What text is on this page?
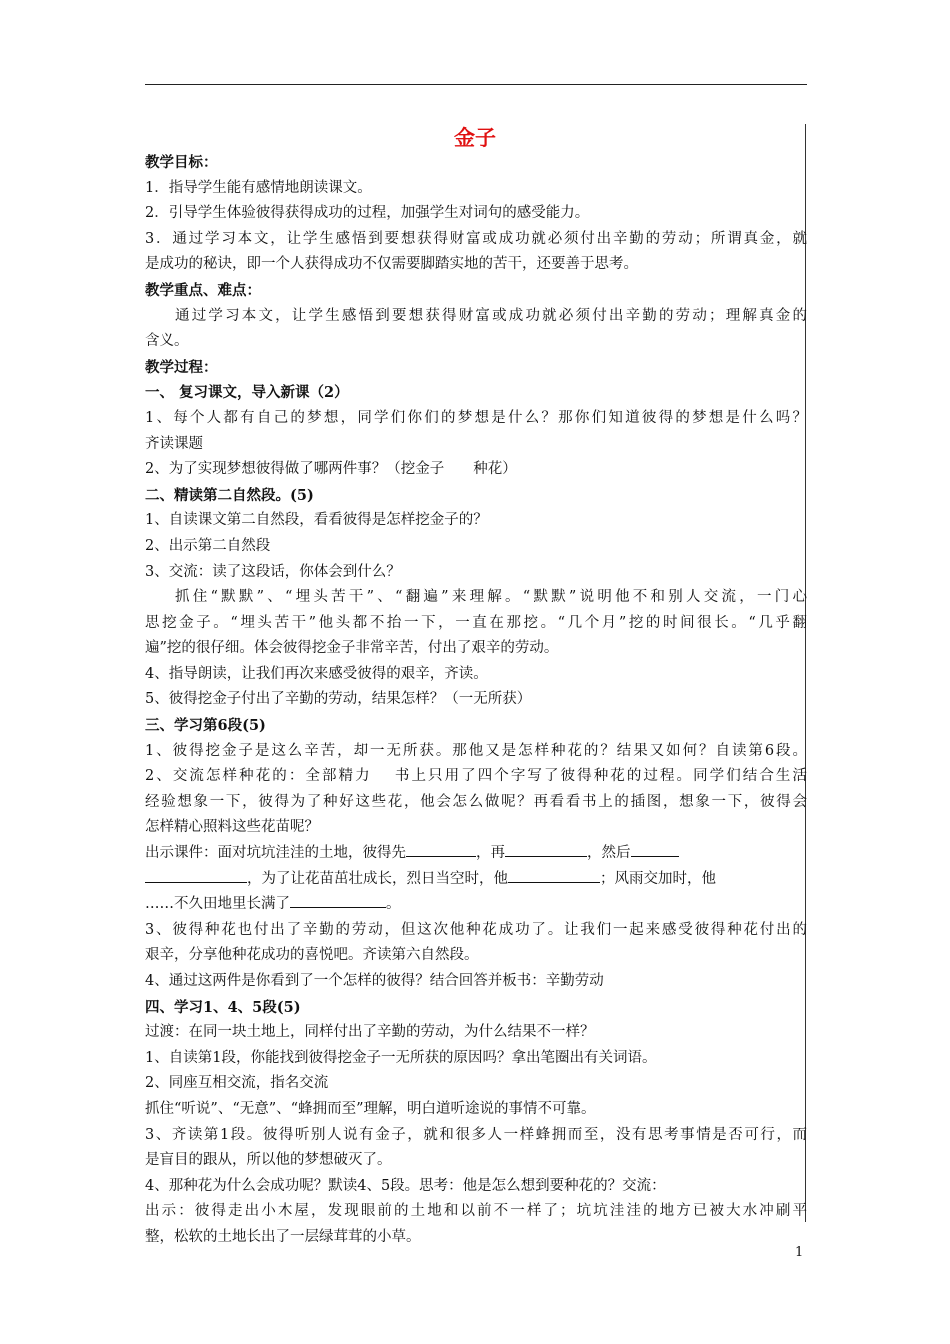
金子
教学目标：
1．指导学生能有感情地朗读课文。
2．引导学生体验彼得获得成功的过程，加强学生对词句的感受能力。
3．通过学习本文，让学生感悟到要想获得财富或成功就必须付出辛勤的劳动；所谓真金，就
是成功的秘诀，即一个人获得成功不仅需要脚踏实地的苦干，还要善于思考。
教学重点、难点：
通过学习本文，让学生感悟到要想获得财富或成功就必须付出辛勤的劳动；理解真金的
含义。
教学过程：
一、 复习课文，导入新课（2）
1、每个人都有自己的梦想，同学们你们的梦想是什么？那你们知道彼得的梦想是什么吗？
齐读课题
2、为了实现梦想彼得做了哪两件事？（挖金子　　种花）
二、精读第二自然段。(5)
1、自读课文第二自然段，看看彼得是怎样挖金子的？
2、出示第二自然段
3、交流：读了这段话，你体会到什么？
抓住“默默”、“埋头苦干”、“翻遍”来理解。“默默”说明他不和别人交流，一门心
思挖金子。“埋头苦干”他头都不抬一下，一直在那挖。“几个月”挖的时间很长。“几乎翻
遍”挖的很仔细。体会彼得挖金子非常辛苦，付出了艰辛的劳动。
4、指导朗读，让我们再次来感受彼得的艰辛，齐读。
5、彼得挖金子付出了辛勤的劳动，结果怎样？（一无所获）
三、学习第6段(5)
1、彼得挖金子是这么辛苦，却一无所获。那他又是怎样种花的？结果又如何？自读第6段。
2、交流怎样种花的：全部精力　 书上只用了四个字写了彼得种花的过程。同学们结合生活
经验想象一下，彼得为了种好这些花，他会怎么做呢？再看看书上的插图，想象一下，彼得会
怎样精心照料这些花苗呢？
出示课件：面对坑坑洼洼的土地，彼得先	，再	，然后
，为了让花苗茁壮成长，烈日当空时，他	；风雨交加时，他
……不久田地里长满了	。
3、彼得种花也付出了辛勤的劳动，但这次他种花成功了。让我们一起来感受彼得种花付出的
艰辛，分享他种花成功的喜悦吧。齐读第六自然段。
4、通过这两件是你看到了一个怎样的彼得？结合回答并板书：辛勤劳动
四、学习1、4、5段(5)
过渡：在同一块土地上，同样付出了辛勤的劳动，为什么结果不一样？
1、自读第1段，你能找到彼得挖金子一无所获的原因吗？拿出笔圈出有关词语。
2、同座互相交流，指名交流
抓住“听说”、“无意”、“蜂拥而至”理解，明白道听途说的事情不可靠。
3、齐读第1段。彼得听别人说有金子，就和很多人一样蜂拥而至，没有思考事情是否可行，而
是盲目的跟从，所以他的梦想破灭了。
4、那种花为什么会成功呢？默读4、5段。思考：他是怎么想到要种花的？交流：
出示：彼得走出小木屋，发现眼前的土地和以前不一样了；坑坑洼洼的地方已被大水冲刷平
整，松软的土地长出了一层绿茸茸的小草。
1
